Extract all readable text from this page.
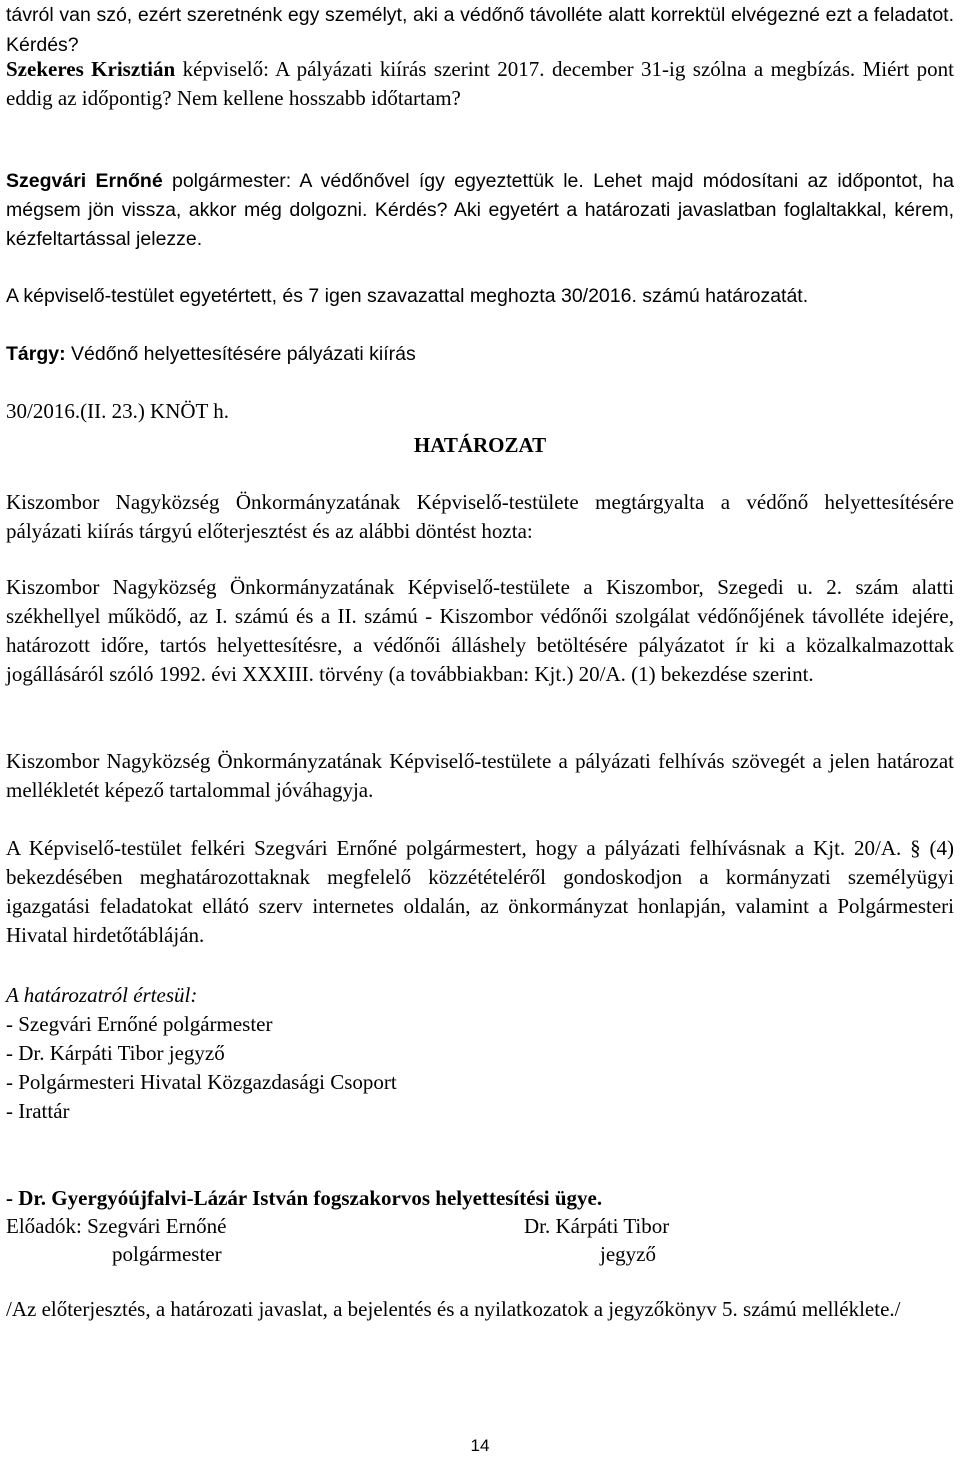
távról van szó, ezért szeretnénk egy személyt, aki a védőnő távolléte alatt korrektül elvégezné ezt a feladatot. Kérdés?

Szekeres Krisztián képviselő: A pályázati kiírás szerint 2017. december 31-ig szólna a megbízás. Miért pont eddig az időpontig? Nem kellene hosszabb időtartam?

Szegvári Ernőné polgármester: A védőnővel így egyeztettük le. Lehet majd módosítani az időpontot, ha mégsem jön vissza, akkor még dolgozni. Kérdés? Aki egyetért a határozati javaslatban foglaltakkal, kérem, kézfeltartással jelezze.

A képviselő-testület egyetértett, és 7 igen szavazattal meghozta 30/2016. számú határozatát.

Tárgy: Védőnő helyettesítésére pályázati kiírás

30/2016.(II. 23.) KNÖT h.

HATÁROZAT

Kiszombor Nagyközség Önkormányzatának Képviselő-testülete megtárgyalta a védőnő helyettesítésére pályázati kiírás tárgyú előterjesztést és az alábbi döntést hozta:

Kiszombor Nagyközség Önkormányzatának Képviselő-testülete a Kiszombor, Szegedi u. 2. szám alatti székhellyel működő, az I. számú és a II. számú - Kiszombor védőnői szolgálat védőnőjének távolléte idejére, határozott időre, tartós helyettesítésre, a védőnői álláshely betöltésére pályázatot ír ki a közalkalmazottak jogállásáról szóló 1992. évi XXXIII. törvény (a továbbiakban: Kjt.) 20/A. (1) bekezdése szerint.

Kiszombor Nagyközség Önkormányzatának Képviselő-testülete a pályázati felhívás szövegét a jelen határozat mellékletét képező tartalommal jóváhagyja.

A Képviselő-testület felkéri Szegvári Ernőné polgármestert, hogy a pályázati felhívásnak a Kjt. 20/A. § (4) bekezdésében meghatározottaknak megfelelő közzétételéről gondoskodjon a kormányzati személyügyi igazgatási feladatokat ellátó szerv internetes oldalán, az önkormányzat honlapján, valamint a Polgármesteri Hivatal hirdetőtábláján.

A határozatról értesül:

- Szegvári Ernőné polgármester

- Dr. Kárpáti Tibor jegyző

- Polgármesteri Hivatal Közgazdasági Csoport

- Irattár

- Dr. Gyergyóújfalvi-Lázár István fogszakorvos helyettesítési ügye.

Előadók: Szegvári Ernőné	Dr. Kárpáti Tibor
polgármester	jegyző

/Az előterjesztés, a határozati javaslat, a bejelentés és a nyilatkozatok a jegyzőkönyv 5. számú melléklete./

14
